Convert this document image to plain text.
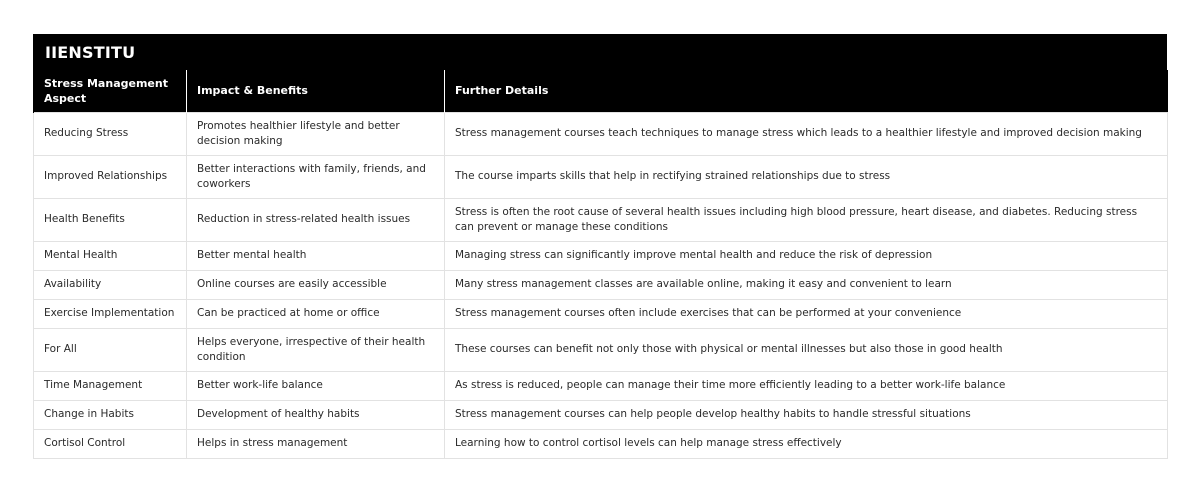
IIENSTITU
Stress Management Aspect	Impact & Benefits	Further Details
Reducing Stress	Promotes healthier lifestyle and better decision making	Stress management courses teach techniques to manage stress which leads to a healthier lifestyle and improved decision making
Improved Relationships	Better interactions with family, friends, and coworkers	The course imparts skills that help in rectifying strained relationships due to stress
Health Benefits	Reduction in stress-related health issues	Stress is often the root cause of several health issues including high blood pressure, heart disease, and diabetes. Reducing stress can prevent or manage these conditions
Mental Health	Better mental health	Managing stress can significantly improve mental health and reduce the risk of depression
Availability	Online courses are easily accessible	Many stress management classes are available online, making it easy and convenient to learn
Exercise Implementation	Can be practiced at home or office	Stress management courses often include exercises that can be performed at your convenience
For All	Helps everyone, irrespective of their health condition	These courses can benefit not only those with physical or mental illnesses but also those in good health
Time Management	Better work-life balance	As stress is reduced, people can manage their time more efficiently leading to a better work-life balance
Change in Habits	Development of healthy habits	Stress management courses can help people develop healthy habits to handle stressful situations
Cortisol Control	Helps in stress management	Learning how to control cortisol levels can help manage stress effectively
